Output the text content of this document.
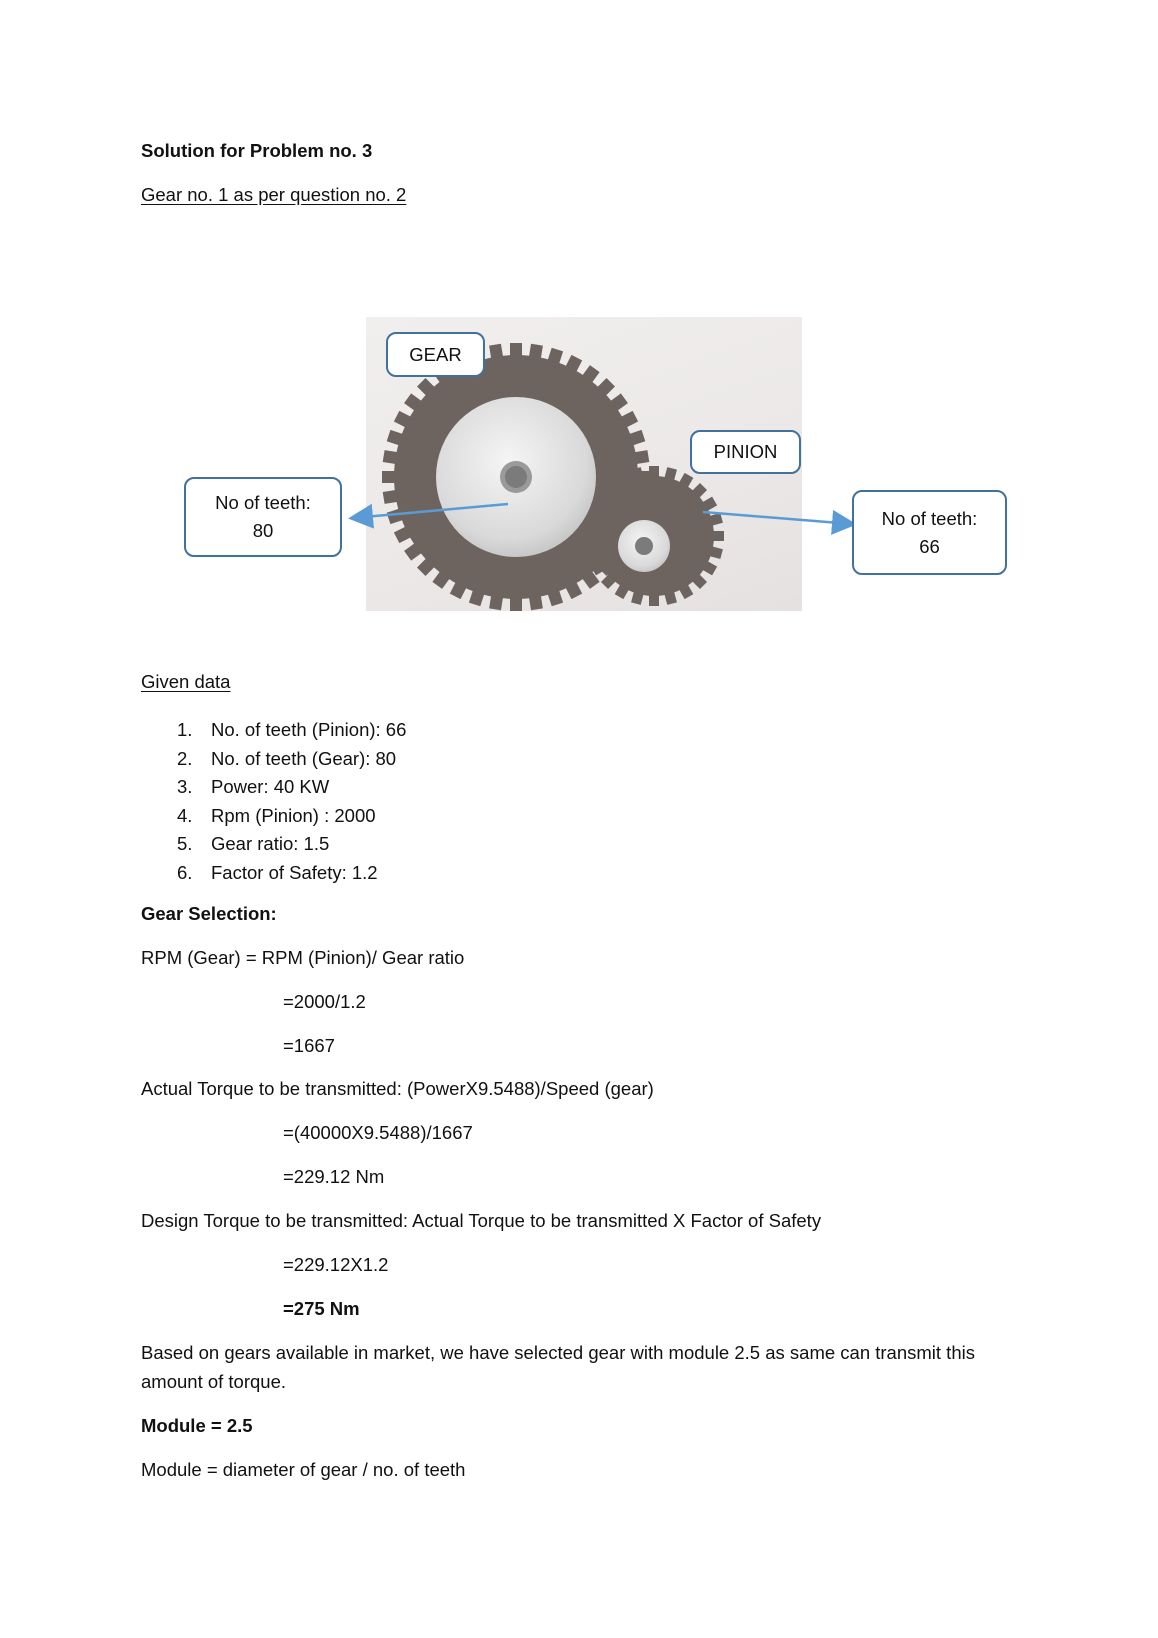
Solution for Problem no. 3
Gear no. 1 as per question no. 2
GEAR
PINION
No of teeth:
80
No of teeth:
66
Given data
1. No. of teeth (Pinion): 66
2. No. of teeth (Gear): 80
3. Power: 40 KW
4. Rpm (Pinion) : 2000
5. Gear ratio: 1.5
6. Factor of Safety: 1.2
Gear Selection:
RPM (Gear) = RPM (Pinion)/ Gear ratio
=2000/1.2
=1667
Actual Torque to be transmitted: (PowerX9.5488)/Speed (gear)
=(40000X9.5488)/1667
=229.12 Nm
Design Torque to be transmitted: Actual Torque to be transmitted X Factor of Safety
=229.12X1.2
=275 Nm
Based on gears available in market, we have selected gear with module 2.5 as same can transmit this
amount of torque.
Module = 2.5
Module = diameter of gear / no. of teeth
